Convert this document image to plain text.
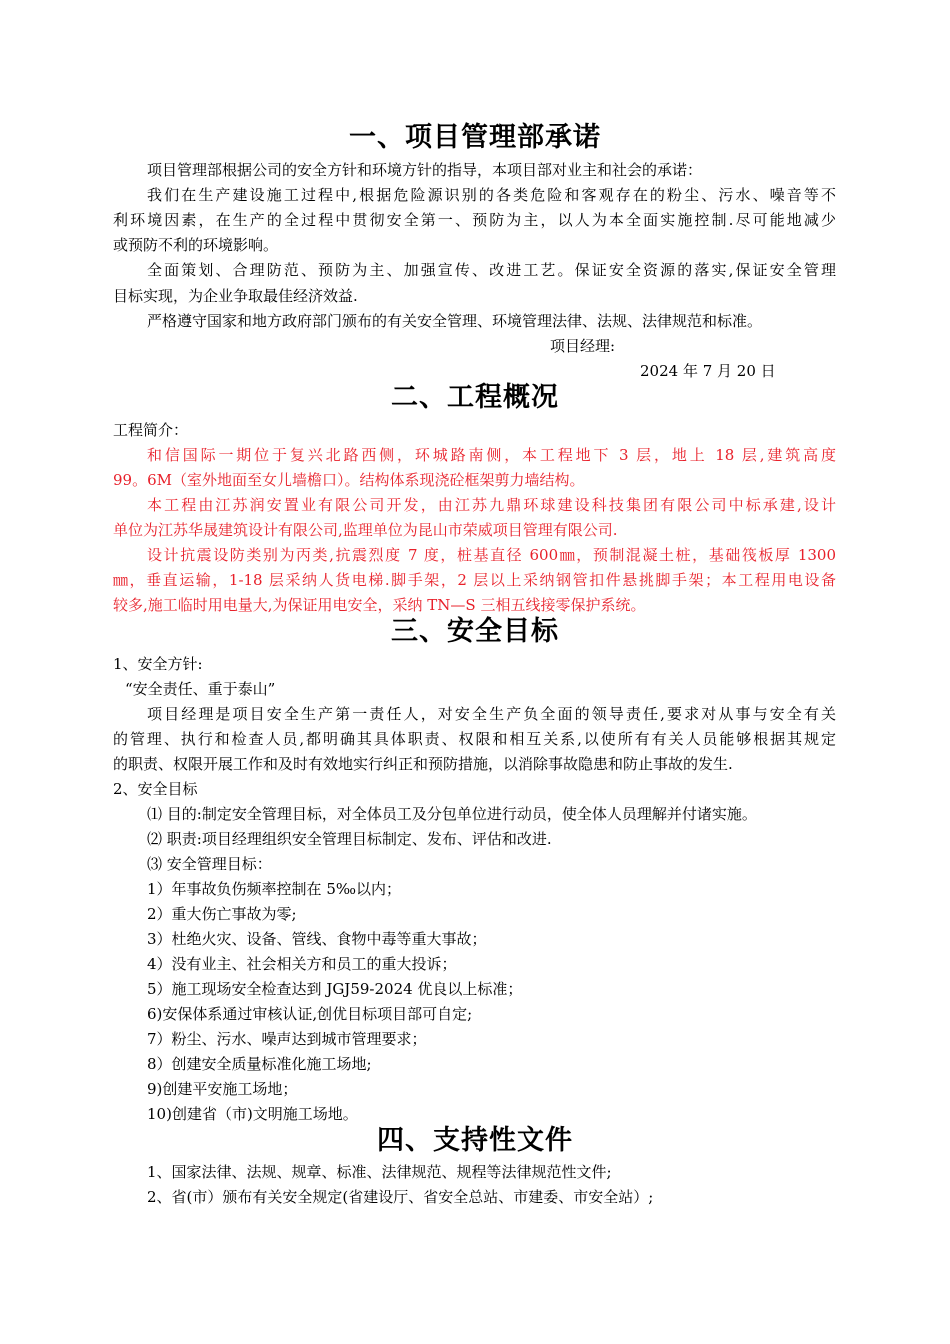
一、项目管理部承诺
项目管理部根据公司的安全方针和环境方针的指导，本项目部对业主和社会的承诺：
我们在生产建设施工过程中,根据危险源识别的各类危险和客观存在的粉尘、污水、噪音等不
利环境因素，在生产的全过程中贯彻安全第一、预防为主，以人为本全面实施控制.尽可能地减少
或预防不利的环境影响。
全面策划、合理防范、预防为主、加强宣传、改进工艺。保证安全资源的落实,保证安全管理
目标实现，为企业争取最佳经济效益.
严格遵守国家和地方政府部门颁布的有关安全管理、环境管理法律、法规、法律规范和标准。
项目经理:
2024 年 7 月 20 日
二、工程概况
工程简介：
和信国际一期位于复兴北路西侧，环城路南侧，本工程地下 3 层，地上 18 层,建筑高度
99。6M（室外地面至女儿墙檐口）。结构体系现浇砼框架剪力墙结构。
本工程由江苏润安置业有限公司开发，由江苏九鼎环球建设科技集团有限公司中标承建,设计
单位为江苏华晟建筑设计有限公司,监理单位为昆山市荣威项目管理有限公司.
设计抗震设防类别为丙类,抗震烈度 7 度，桩基直径 600㎜，预制混凝土桩，基础筏板厚 1300
㎜，垂直运输，1-18 层采纳人货电梯.脚手架，2 层以上采纳钢管扣件悬挑脚手架；本工程用电设备
较多,施工临时用电量大,为保证用电安全，采纳 TN—S 三相五线接零保护系统。
三、安全目标
1、安全方针:
“安全责任、重于泰山”
项目经理是项目安全生产第一责任人，对安全生产负全面的领导责任,要求对从事与安全有关
的管理、执行和检查人员,都明确其具体职责、权限和相互关系,以使所有有关人员能够根据其规定
的职责、权限开展工作和及时有效地实行纠正和预防措施，以消除事故隐患和防止事故的发生.
2、安全目标
⑴ 目的:制定安全管理目标，对全体员工及分包单位进行动员，使全体人员理解并付诸实施。
⑵ 职责:项目经理组织安全管理目标制定、发布、评估和改进.
⑶ 安全管理目标：
1）年事故负伤频率控制在 5‰以内；
2）重大伤亡事故为零;
3）杜绝火灾、设备、管线、食物中毒等重大事故；
4）没有业主、社会相关方和员工的重大投诉；
5）施工现场安全检查达到 JGJ59-2024 优良以上标准；
6)安保体系通过审核认证,创优目标项目部可自定;
7）粉尘、污水、噪声达到城市管理要求；
8）创建安全质量标准化施工场地;
9)创建平安施工场地；
10)创建省（市)文明施工场地。
四、支持性文件
1、国家法律、法规、规章、标准、法律规范、规程等法律规范性文件;
2、省(市）颁布有关安全规定(省建设厅、省安全总站、市建委、市安全站）;
